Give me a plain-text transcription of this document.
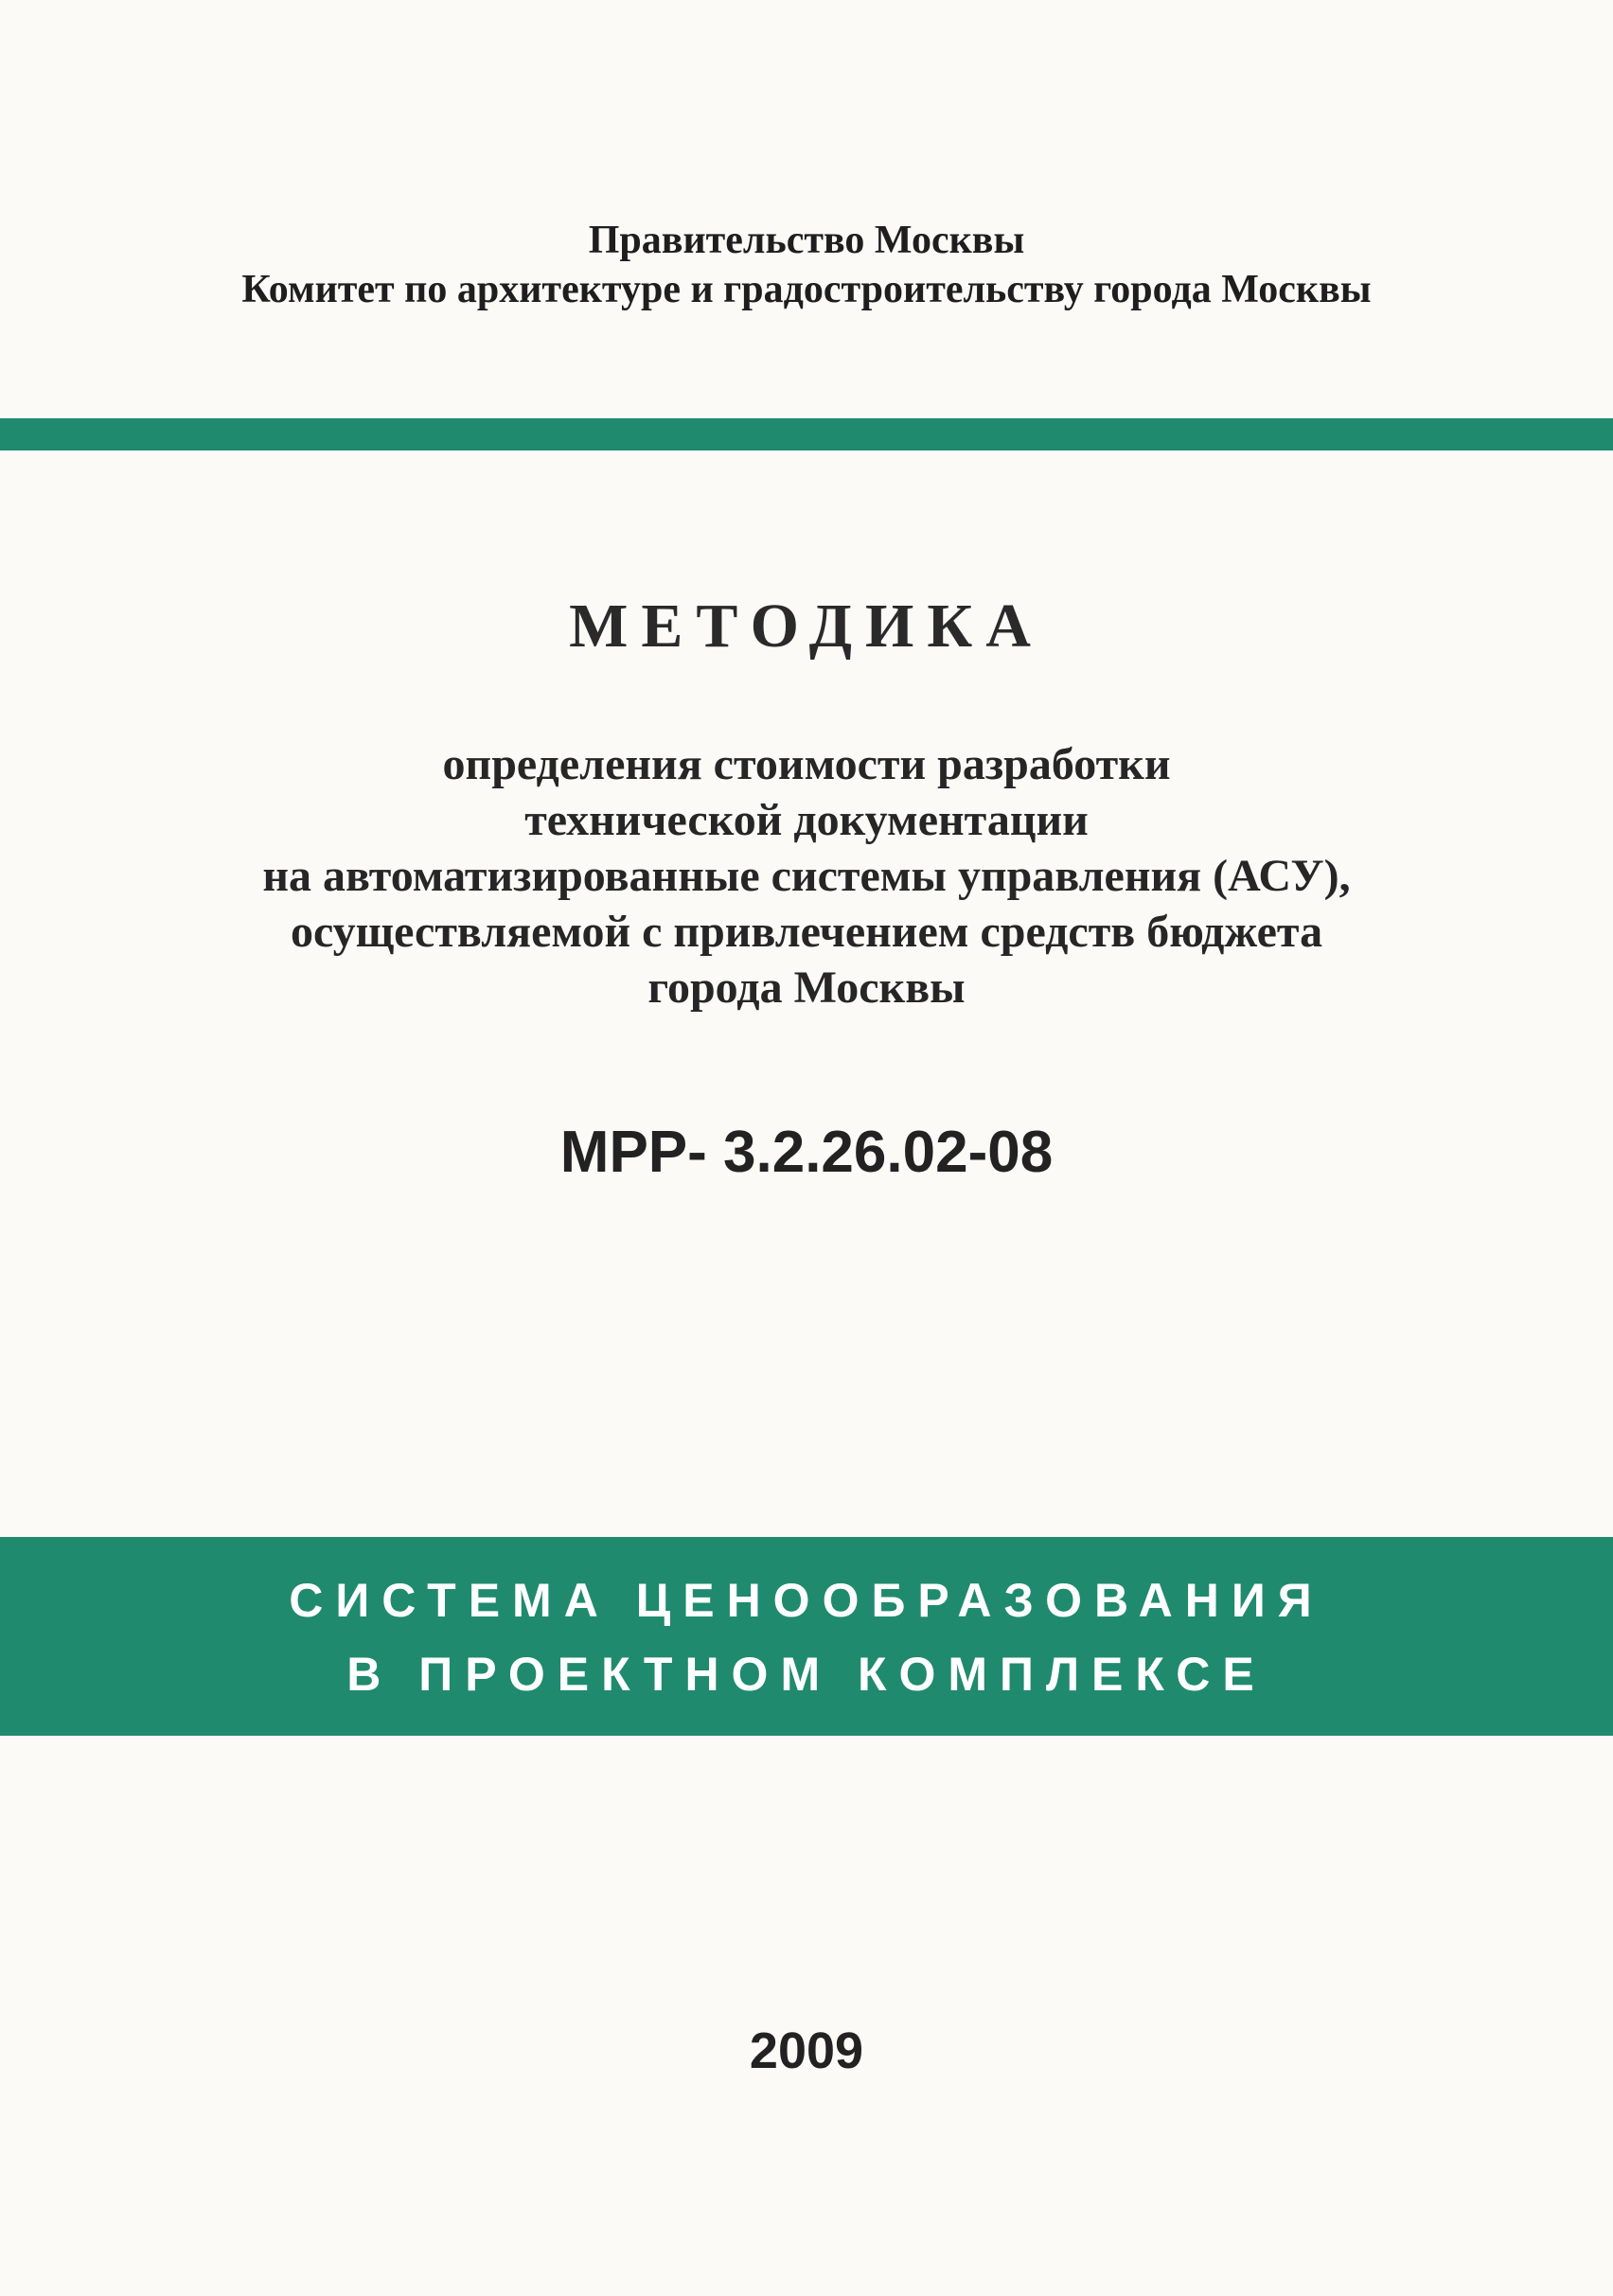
Правительство Москвы
Комитет по архитектуре и градостроительству города Москвы
МЕТОДИКА
определения стоимости разработки
технической документации
на автоматизированные системы управления (АСУ),
осуществляемой с привлечением средств бюджета
города Москвы
МРР- 3.2.26.02-08
СИСТЕМА ЦЕНООБРАЗОВАНИЯ
В ПРОЕКТНОМ КОМПЛЕКСЕ
2009
